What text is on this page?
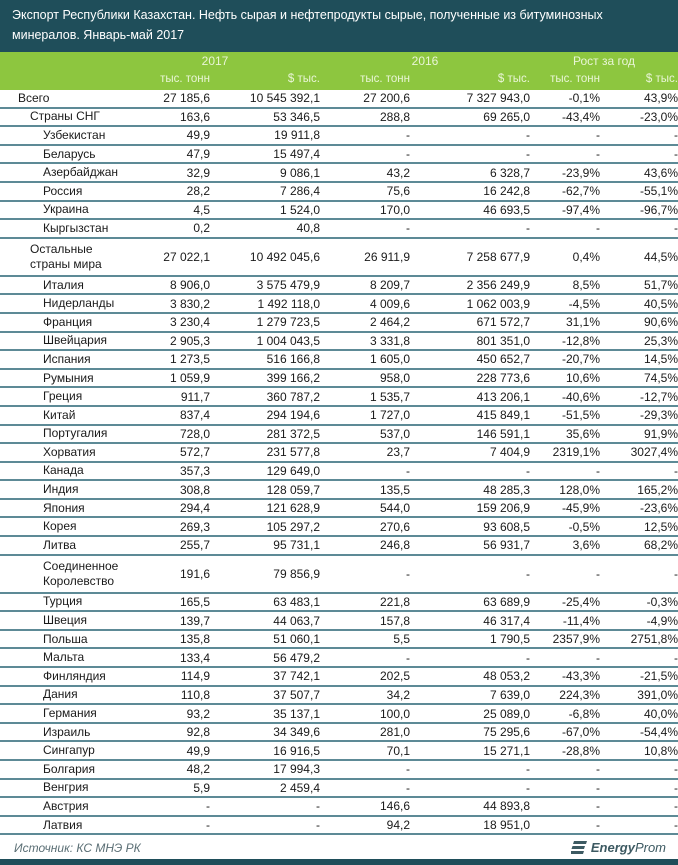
Экспорт Республики Казахстан. Нефть сырая и нефтепродукты сырые, полученные из битуминозных минералов. Январь-май 2017
2017	2016	Рост за год
тыс. тонн	$ тыс.	тыс. тонн	$ тыс.	тыс. тонн	$ тыс.
Всего	27 185,6	10 545 392,1	27 200,6	7 327 943,0	-0,1%	43,9%
Страны СНГ	163,6	53 346,5	288,8	69 265,0	-43,4%	-23,0%
Узбекистан	49,9	19 911,8	-	-	-	-
Беларусь	47,9	15 497,4	-	-	-	-
Азербайджан	32,9	9 086,1	43,2	6 328,7	-23,9%	43,6%
Россия	28,2	7 286,4	75,6	16 242,8	-62,7%	-55,1%
Украина	4,5	1 524,0	170,0	46 693,5	-97,4%	-96,7%
Кыргызстан	0,2	40,8	-	-	-	-
Остальные страны мира	27 022,1	10 492 045,6	26 911,9	7 258 677,9	0,4%	44,5%
Италия	8 906,0	3 575 479,9	8 209,7	2 356 249,9	8,5%	51,7%
Нидерланды	3 830,2	1 492 118,0	4 009,6	1 062 003,9	-4,5%	40,5%
Франция	3 230,4	1 279 723,5	2 464,2	671 572,7	31,1%	90,6%
Швейцария	2 905,3	1 004 043,5	3 331,8	801 351,0	-12,8%	25,3%
Испания	1 273,5	516 166,8	1 605,0	450 652,7	-20,7%	14,5%
Румыния	1 059,9	399 166,2	958,0	228 773,6	10,6%	74,5%
Греция	911,7	360 787,2	1 535,7	413 206,1	-40,6%	-12,7%
Китай	837,4	294 194,6	1 727,0	415 849,1	-51,5%	-29,3%
Португалия	728,0	281 372,5	537,0	146 591,1	35,6%	91,9%
Хорватия	572,7	231 577,8	23,7	7 404,9	2319,1%	3027,4%
Канада	357,3	129 649,0	-	-	-	-
Индия	308,8	128 059,7	135,5	48 285,3	128,0%	165,2%
Япония	294,4	121 628,9	544,0	159 206,9	-45,9%	-23,6%
Корея	269,3	105 297,2	270,6	93 608,5	-0,5%	12,5%
Литва	255,7	95 731,1	246,8	56 931,7	3,6%	68,2%
Соединенное Королевство	191,6	79 856,9	-	-	-	-
Турция	165,5	63 483,1	221,8	63 689,9	-25,4%	-0,3%
Швеция	139,7	44 063,7	157,8	46 317,4	-11,4%	-4,9%
Польша	135,8	51 060,1	5,5	1 790,5	2357,9%	2751,8%
Мальта	133,4	56 479,2	-	-	-	-
Финляндия	114,9	37 742,1	202,5	48 053,2	-43,3%	-21,5%
Дания	110,8	37 507,7	34,2	7 639,0	224,3%	391,0%
Германия	93,2	35 137,1	100,0	25 089,0	-6,8%	40,0%
Израиль	92,8	34 349,6	281,0	75 295,6	-67,0%	-54,4%
Сингапур	49,9	16 916,5	70,1	15 271,1	-28,8%	10,8%
Болгария	48,2	17 994,3	-	-	-	-
Венгрия	5,9	2 459,4	-	-	-	-
Австрия	-	-	146,6	44 893,8	-	-
Латвия	-	-	94,2	18 951,0	-	-
Источник: КС МНЭ РК	EnergyProm
